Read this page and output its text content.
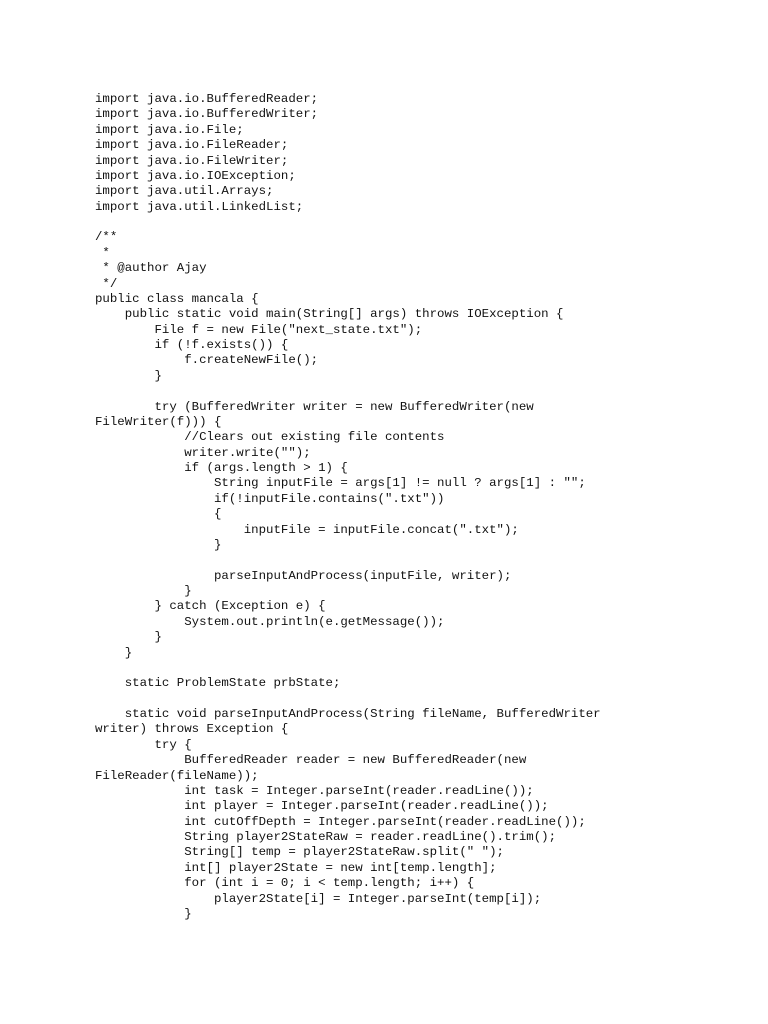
import java.io.BufferedReader;
import java.io.BufferedWriter;
import java.io.File;
import java.io.FileReader;
import java.io.FileWriter;
import java.io.IOException;
import java.util.Arrays;
import java.util.LinkedList;
/**
*
* @author Ajay
*/
public class mancala {
public static void main(String[] args) throws IOException {
File f = new File("next_state.txt");
if (!f.exists()) {
f.createNewFile();
}
try (BufferedWriter writer = new BufferedWriter(new
FileWriter(f))) {
//Clears out existing file contents
writer.write("");
if (args.length > 1) {
String inputFile = args[1] != null ? args[1] : "";
if(!inputFile.contains(".txt"))
{
inputFile = inputFile.concat(".txt");
}
parseInputAndProcess(inputFile, writer);
}
} catch (Exception e) {
System.out.println(e.getMessage());
}
}
static ProblemState prbState;
static void parseInputAndProcess(String fileName, BufferedWriter
writer) throws Exception {
try {
BufferedReader reader = new BufferedReader(new
FileReader(fileName));
int task = Integer.parseInt(reader.readLine());
int player = Integer.parseInt(reader.readLine());
int cutOffDepth = Integer.parseInt(reader.readLine());
String player2StateRaw = reader.readLine().trim();
String[] temp = player2StateRaw.split(" ");
int[] player2State = new int[temp.length];
for (int i = 0; i < temp.length; i++) {
player2State[i] = Integer.parseInt(temp[i]);
}
